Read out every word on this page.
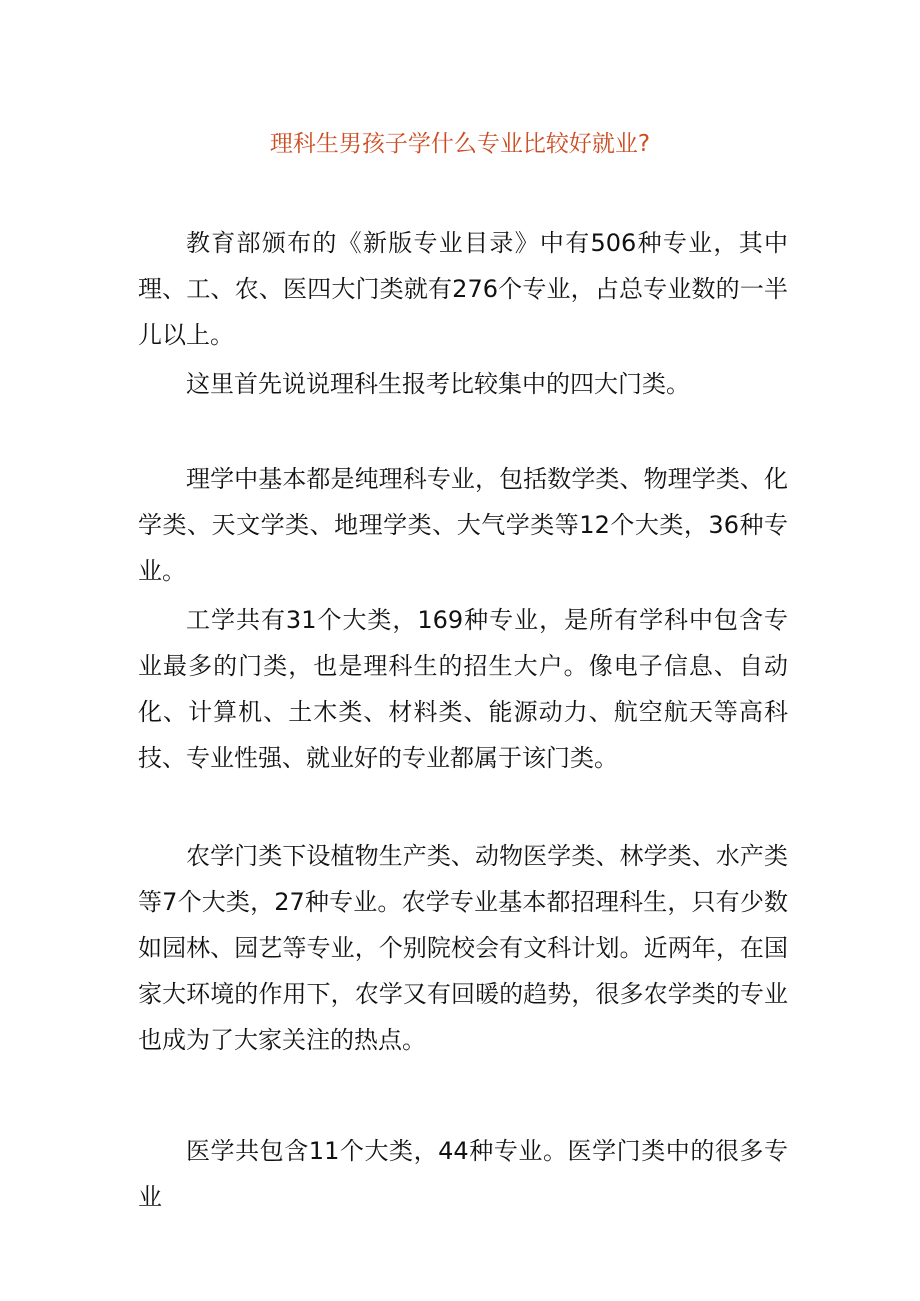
理科生男孩子学什么专业比较好就业?

教育部颁布的《新版专业目录》中有506种专业，其中理、工、农、医四大门类就有276个专业，占总专业数的一半儿以上。

这里首先说说理科生报考比较集中的四大门类。

理学中基本都是纯理科专业，包括数学类、物理学类、化学类、天文学类、地理学类、大气学类等12个大类，36种专业。

工学共有31个大类，169种专业，是所有学科中包含专业最多的门类，也是理科生的招生大户。像电子信息、自动化、计算机、土木类、材料类、能源动力、航空航天等高科技、专业性强、就业好的专业都属于该门类。

农学门类下设植物生产类、动物医学类、林学类、水产类等7个大类，27种专业。农学专业基本都招理科生，只有少数如园林、园艺等专业，个别院校会有文科计划。近两年，在国家大环境的作用下，农学又有回暖的趋势，很多农学类的专业也成为了大家关注的热点。

医学共包含11个大类，44种专业。医学门类中的很多专业
